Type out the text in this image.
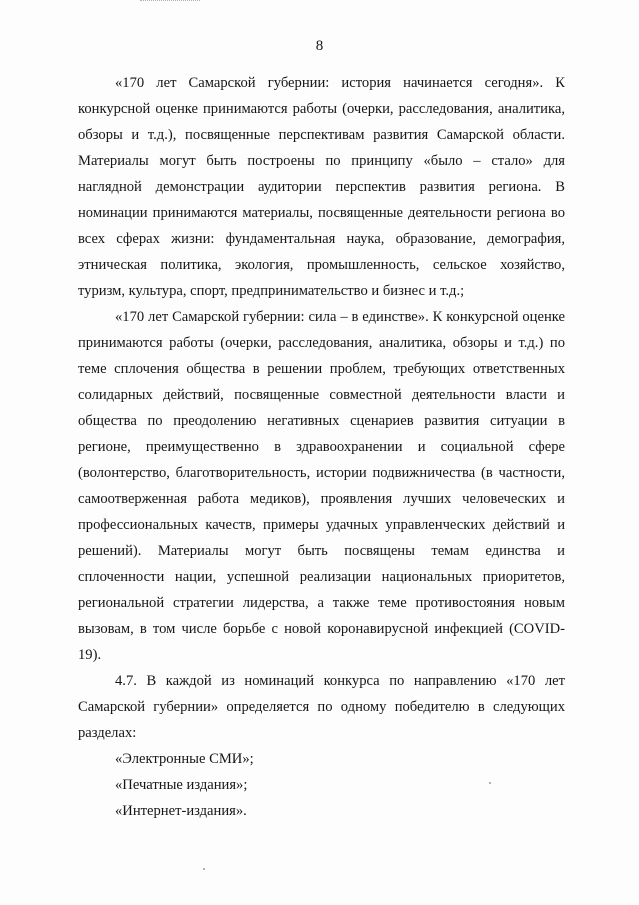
8

«170 лет Самарской губернии: история начинается сегодня». К конкурсной оценке принимаются работы (очерки, расследования, аналитика, обзоры и т.д.), посвященные перспективам развития Самарской области. Материалы могут быть построены по принципу «было – стало» для наглядной демонстрации аудитории перспектив развития региона. В номинации принимаются материалы, посвященные деятельности региона во всех сферах жизни: фундаментальная наука, образование, демография, этническая политика, экология, промышленность, сельское хозяйство, туризм, культура, спорт, предпринимательство и бизнес и т.д.;

«170 лет Самарской губернии: сила – в единстве». К конкурсной оценке принимаются работы (очерки, расследования, аналитика, обзоры и т.д.) по теме сплочения общества в решении проблем, требующих ответственных солидарных действий, посвященные совместной деятельности власти и общества по преодолению негативных сценариев развития ситуации в регионе, преимущественно в здравоохранении и социальной сфере (волонтерство, благотворительность, истории подвижничества (в частности, самоотверженная работа медиков), проявления лучших человеческих и профессиональных качеств, примеры удачных управленческих действий и решений). Материалы могут быть посвящены темам единства и сплоченности нации, успешной реализации национальных приоритетов, региональной стратегии лидерства, а также теме противостояния новым вызовам, в том числе борьбе с новой коронавирусной инфекцией (COVID-19).

4.7. В каждой из номинаций конкурса по направлению «170 лет Самарской губернии» определяется по одному победителю в следующих разделах:

«Электронные СМИ»;

«Печатные издания»;

«Интернет-издания».
